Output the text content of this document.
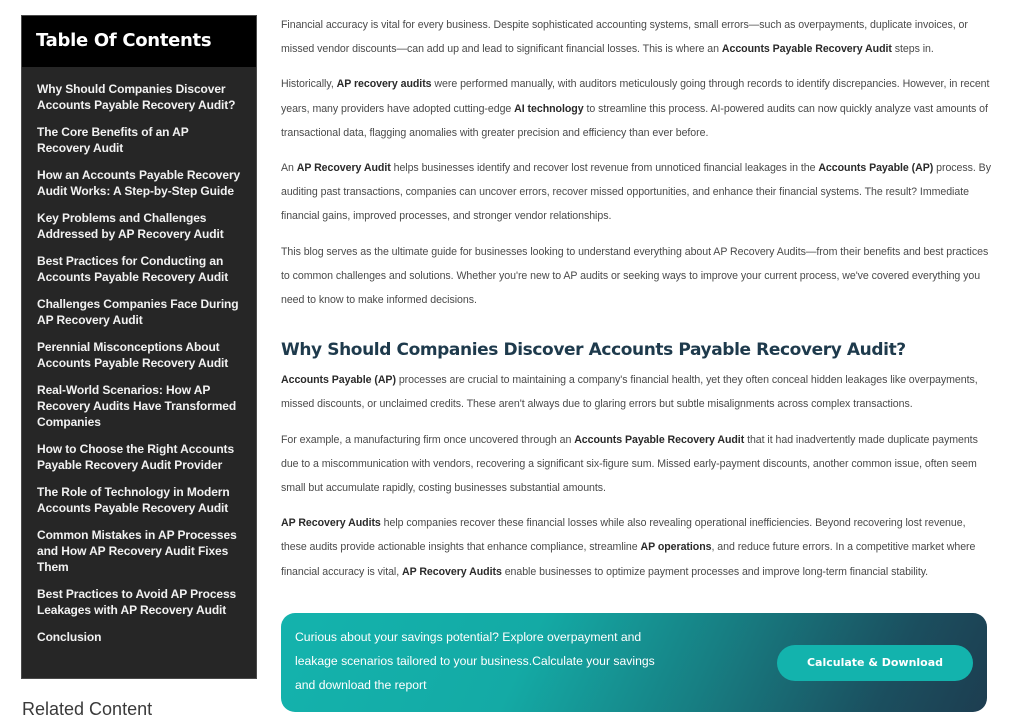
Table Of Contents
Why Should Companies Discover Accounts Payable Recovery Audit?
The Core Benefits of an AP Recovery Audit
How an Accounts Payable Recovery Audit Works: A Step-by-Step Guide
Key Problems and Challenges Addressed by AP Recovery Audit
Best Practices for Conducting an Accounts Payable Recovery Audit
Challenges Companies Face During AP Recovery Audit
Perennial Misconceptions About Accounts Payable Recovery Audit
Real-World Scenarios: How AP Recovery Audits Have Transformed Companies
How to Choose the Right Accounts Payable Recovery Audit Provider
The Role of Technology in Modern Accounts Payable Recovery Audit
Common Mistakes in AP Processes and How AP Recovery Audit Fixes Them
Best Practices to Avoid AP Process Leakages with AP Recovery Audit
Conclusion
Related Content

Financial accuracy is vital for every business. Despite sophisticated accounting systems, small errors—such as overpayments, duplicate invoices, or missed vendor discounts—can add up and lead to significant financial losses. This is where an Accounts Payable Recovery Audit steps in.

Historically, AP recovery audits were performed manually, with auditors meticulously going through records to identify discrepancies. However, in recent years, many providers have adopted cutting-edge AI technology to streamline this process. AI-powered audits can now quickly analyze vast amounts of transactional data, flagging anomalies with greater precision and efficiency than ever before.

An AP Recovery Audit helps businesses identify and recover lost revenue from unnoticed financial leakages in the Accounts Payable (AP) process. By auditing past transactions, companies can uncover errors, recover missed opportunities, and enhance their financial systems. The result? Immediate financial gains, improved processes, and stronger vendor relationships.

This blog serves as the ultimate guide for businesses looking to understand everything about AP Recovery Audits—from their benefits and best practices to common challenges and solutions. Whether you're new to AP audits or seeking ways to improve your current process, we've covered everything you need to know to make informed decisions.

Why Should Companies Discover Accounts Payable Recovery Audit?

Accounts Payable (AP) processes are crucial to maintaining a company's financial health, yet they often conceal hidden leakages like overpayments, missed discounts, or unclaimed credits. These aren't always due to glaring errors but subtle misalignments across complex transactions.

For example, a manufacturing firm once uncovered through an Accounts Payable Recovery Audit that it had inadvertently made duplicate payments due to a miscommunication with vendors, recovering a significant six-figure sum. Missed early-payment discounts, another common issue, often seem small but accumulate rapidly, costing businesses substantial amounts.

AP Recovery Audits help companies recover these financial losses while also revealing operational inefficiencies. Beyond recovering lost revenue, these audits provide actionable insights that enhance compliance, streamline AP operations, and reduce future errors. In a competitive market where financial accuracy is vital, AP Recovery Audits enable businesses to optimize payment processes and improve long-term financial stability.

Curious about your savings potential? Explore overpayment and leakage scenarios tailored to your business.Calculate your savings and download the report
Calculate & Download
